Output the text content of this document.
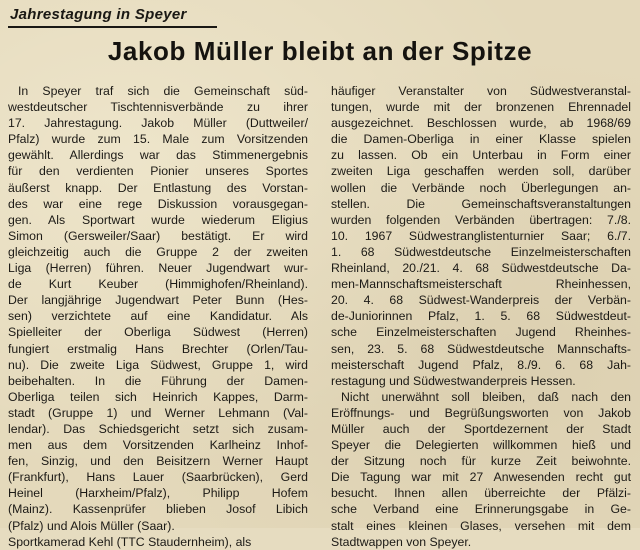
Jahrestagung in Speyer
Jakob Müller bleibt an der Spitze
In Speyer traf sich die Gemeinschaft süd-
westdeutscher Tischtennisverbände zu ihrer
17. Jahrestagung. Jakob Müller (Duttweiler/
Pfalz) wurde zum 15. Male zum Vorsitzenden
gewählt. Allerdings war das Stimmenergebnis
für den verdienten Pionier unseres Sportes
äußerst knapp. Der Entlastung des Vorstan-
des war eine rege Diskussion vorausgegan-
gen. Als Sportwart wurde wiederum Eligius
Simon (Gersweiler/Saar) bestätigt. Er wird
gleichzeitig auch die Gruppe 2 der zweiten
Liga (Herren) führen. Neuer Jugendwart wur-
de Kurt Keuber (Himmighofen/Rheinland).
Der langjährige Jugendwart Peter Bunn (Hes-
sen) verzichtete auf eine Kandidatur. Als
Spielleiter der Oberliga Südwest (Herren)
fungiert erstmalig Hans Brechter (Orlen/Tau-
nu). Die zweite Liga Südwest, Gruppe 1, wird
beibehalten. In die Führung der Damen-
Oberliga teilen sich Heinrich Kappes, Darm-
stadt (Gruppe 1) und Werner Lehmann (Val-
lendar). Das Schiedsgericht setzt sich zusam-
men aus dem Vorsitzenden Karlheinz Inhof-
fen, Sinzig, und den Beisitzern Werner Haupt
(Frankfurt), Hans Lauer (Saarbrücken), Gerd
Heinel (Harxheim/Pfalz), Philipp Hofem
(Mainz). Kassenprüfer blieben Josof Libich
(Pfalz) und Alois Müller (Saar).
Sportkamerad Kehl (TTC Staudernheim), als
häufiger Veranstalter von Südwestveranstal-
tungen, wurde mit der bronzenen Ehrennadel
ausgezeichnet. Beschlossen wurde, ab 1968/69
die Damen-Oberliga in einer Klasse spielen
zu lassen. Ob ein Unterbau in Form einer
zweiten Liga geschaffen werden soll, darüber
wollen die Verbände noch Überlegungen an-
stellen. Die Gemeinschaftsveranstaltungen
wurden folgenden Verbänden übertragen: 7./8.
10. 1967 Südwestranglistenturnier Saar; 6./7.
1. 68 Südwestdeutsche Einzelmeisterschaften
Rheinland, 20./21. 4. 68 Südwestdeutsche Da-
men-Mannschaftsmeisterschaft Rheinhessen,
20. 4. 68 Südwest-Wanderpreis der Verbän-
de-Juniorinnen Pfalz, 1. 5. 68 Südwestdeut-
sche Einzelmeisterschaften Jugend Rheinhes-
sen, 23. 5. 68 Südwestdeutsche Mannschafts-
meisterschaft Jugend Pfalz, 8./9. 6. 68 Jah-
restagung und Südwestwanderpreis Hessen.
Nicht unerwähnt soll bleiben, daß nach den
Eröffnungs- und Begrüßungsworten von Jakob
Müller auch der Sportdezernent der Stadt
Speyer die Delegierten willkommen hieß und
der Sitzung noch für kurze Zeit beiwohnte.
Die Tagung war mit 27 Anwesenden recht gut
besucht. Ihnen allen überreichte der Pfälzi-
sche Verband eine Erinnerungsgabe in Ge-
stalt eines kleinen Glases, versehen mit dem
Stadtwappen von Speyer.
